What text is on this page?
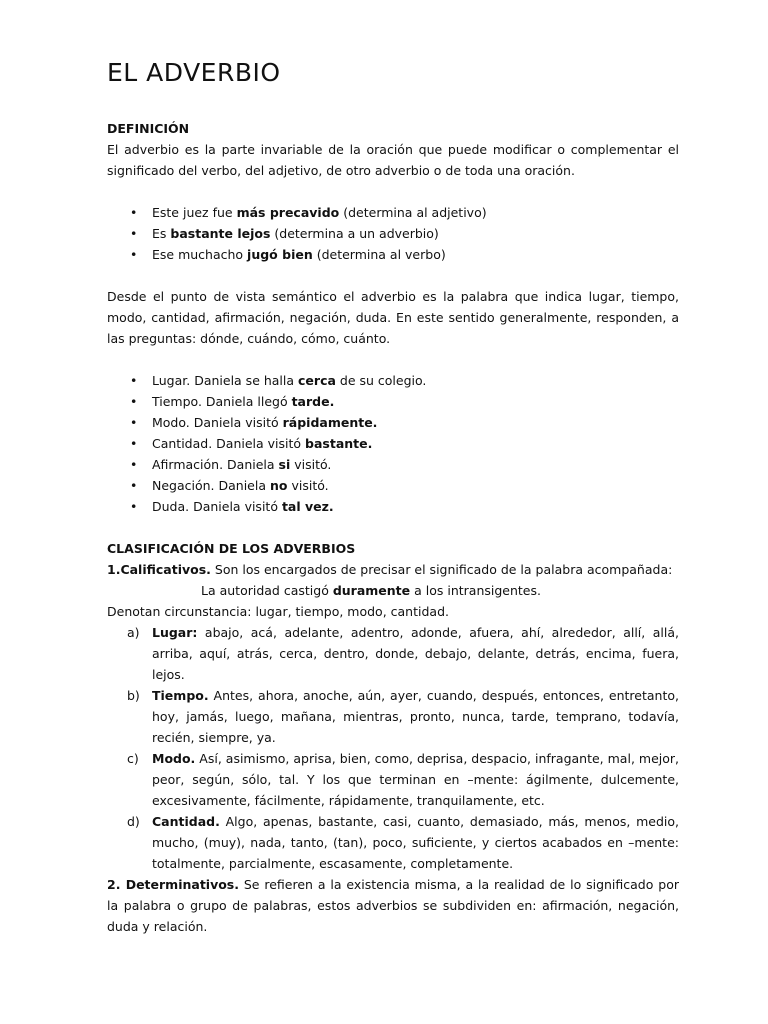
EL ADVERBIO
DEFINICIÓN

El adverbio es la parte invariable de la oración que puede modificar o complementar el significado del verbo, del adjetivo, de otro adverbio o de toda una oración.

• Este juez fue más precavido (determina al adjetivo)
• Es bastante lejos (determina a un adverbio)
• Ese muchacho jugó bien (determina al verbo)

Desde el punto de vista semántico el adverbio es la palabra que indica lugar, tiempo, modo, cantidad, afirmación, negación, duda. En este sentido generalmente, responden, a las preguntas: dónde, cuándo, cómo, cuánto.

• Lugar. Daniela se halla cerca de su colegio.
• Tiempo. Daniela llegó tarde.
• Modo. Daniela visitó rápidamente.
• Cantidad. Daniela visitó bastante.
• Afirmación. Daniela si visitó.
• Negación. Daniela no visitó.
• Duda. Daniela visitó tal vez.
CLASIFICACIÓN DE LOS ADVERBIOS

1.Calificativos. Son los encargados de precisar el significado de la palabra acompañada:

La autoridad castigó duramente a los intransigentes.

Denotan circunstancia: lugar, tiempo, modo, cantidad.

a) Lugar: abajo, acá, adelante, adentro, adonde, afuera, ahí, alrededor, allí, allá, arriba, aquí, atrás, cerca, dentro, donde, debajo, delante, detrás, encima, fuera, lejos.
b) Tiempo. Antes, ahora, anoche, aún, ayer, cuando, después, entonces, entretanto, hoy, jamás, luego, mañana, mientras, pronto, nunca, tarde, temprano, todavía, recién, siempre, ya.
c) Modo. Así, asimismo, aprisa, bien, como, deprisa, despacio, infragante, mal, mejor, peor, según, sólo, tal. Y los que terminan en –mente: ágilmente, dulcemente, excesivamente, fácilmente, rápidamente, tranquilamente, etc.
d) Cantidad. Algo, apenas, bastante, casi, cuanto, demasiado, más, menos, medio, mucho, (muy), nada, tanto, (tan), poco, suficiente, y ciertos acabados en –mente: totalmente, parcialmente, escasamente, completamente.

2. Determinativos. Se refieren a la existencia misma, a la realidad de lo significado por la palabra o grupo de palabras, estos adverbios se subdividen en: afirmación, negación, duda y relación.
